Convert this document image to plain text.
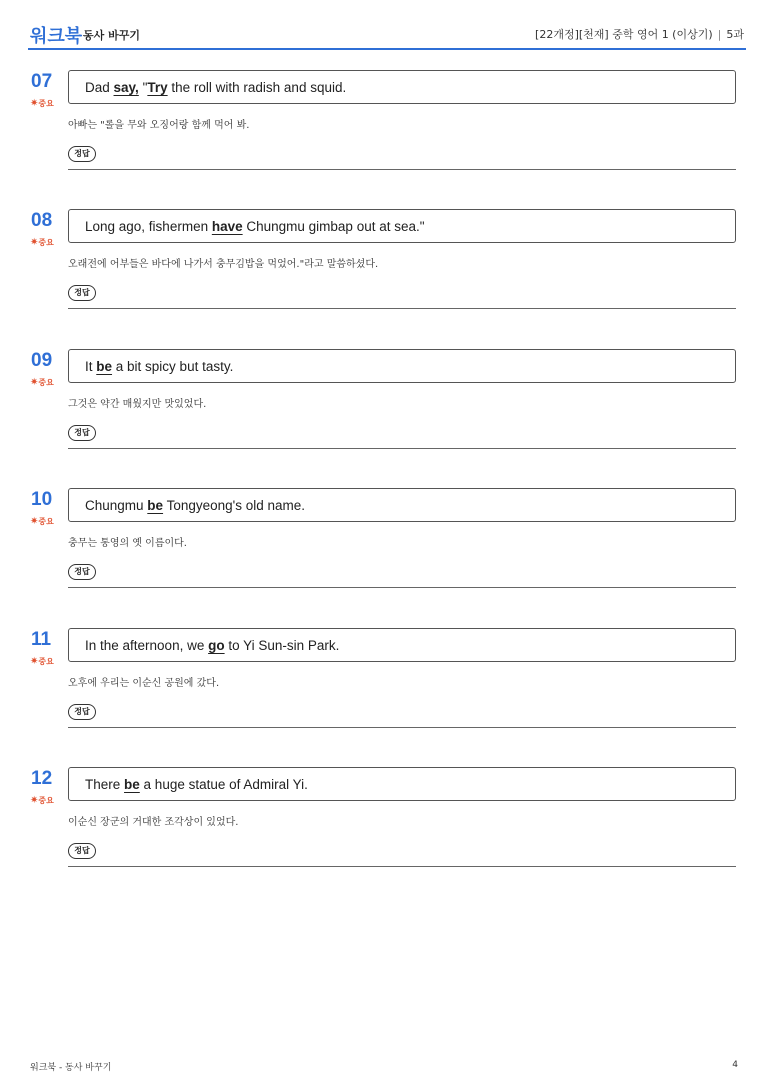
워크북 동사 바꾸기	[22개정][천재] 중학 영어 1 (이상기) | 5과
07
✷중요
Dad say, "Try the roll with radish and squid.
아빠는 "롤을 무와 오징어랑 함께 먹어 봐.
정답
08
✷중요
Long ago, fishermen have Chungmu gimbap out at sea."
오래전에 어부들은 바다에 나가서 충무김밥을 먹었어."라고 말씀하셨다.
정답
09
✷중요
It be a bit spicy but tasty.
그것은 약간 매웠지만 맛있었다.
정답
10
✷중요
Chungmu be Tongyeong's old name.
충무는 통영의 옛 이름이다.
정답
11
✷중요
In the afternoon, we go to Yi Sun-sin Park.
오후에 우리는 이순신 공원에 갔다.
정답
12
✷중요
There be a huge statue of Admiral Yi.
이순신 장군의 거대한 조각상이 있었다.
정답
워크북 - 동사 바꾸기	4
